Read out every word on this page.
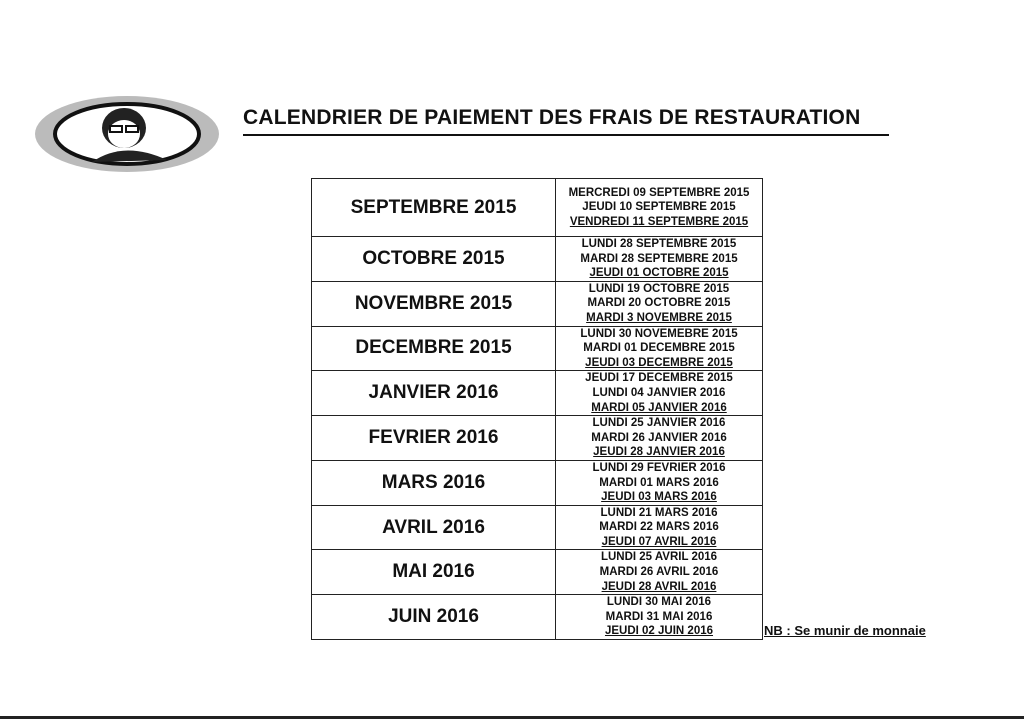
CALENDRIER DE PAIEMENT DES FRAIS DE RESTAURATION
SEPTEMBRE 2015	MERCREDI 09 SEPTEMBRE 2015
JEUDI 10 SEPTEMBRE 2015
VENDREDI 11 SEPTEMBRE 2015

OCTOBRE 2015	LUNDI 28 SEPTEMBRE 2015
MARDI 28 SEPTEMBRE 2015
JEUDI 01 OCTOBRE 2015

NOVEMBRE 2015	LUNDI 19 OCTOBRE 2015
MARDI 20 OCTOBRE 2015
MARDI 3 NOVEMBRE 2015

DECEMBRE 2015	LUNDI 30 NOVEMEBRE 2015
MARDI 01 DECEMBRE 2015
JEUDI 03 DECEMBRE 2015

JANVIER 2016	JEUDI 17 DECEMBRE 2015
LUNDI 04 JANVIER 2016
MARDI 05 JANVIER 2016

FEVRIER 2016	LUNDI 25 JANVIER 2016
MARDI 26 JANVIER 2016
JEUDI 28 JANVIER 2016

MARS 2016	LUNDI 29 FEVRIER 2016
MARDI 01 MARS 2016
JEUDI 03 MARS 2016

AVRIL 2016	LUNDI 21 MARS 2016
MARDI 22 MARS 2016
JEUDI 07 AVRIL 2016

MAI 2016	LUNDI 25 AVRIL 2016
MARDI 26 AVRIL 2016
JEUDI 28 AVRIL 2016

JUIN 2016	LUNDI 30 MAI 2016
MARDI 31 MAI 2016
JEUDI 02 JUIN 2016	NB : Se munir de monnaie
